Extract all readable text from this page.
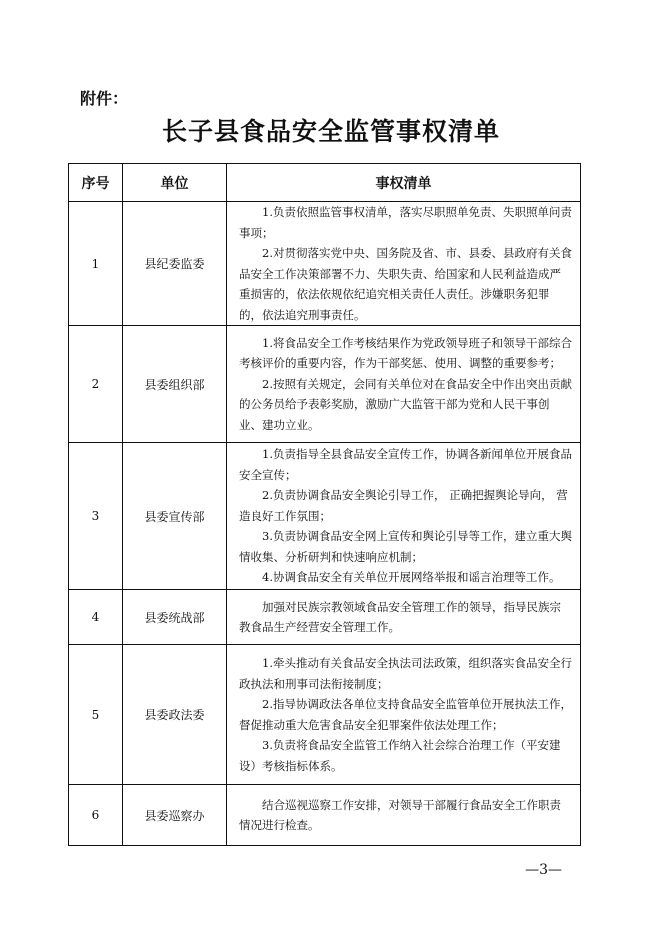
附件：
长子县食品安全监管事权清单
序号	单位	事权清单
1	县纪委监委	1.负责依照监管事权清单，落实尽职照单免责、失职照单问责事项；

2.对贯彻落实党中央、国务院及省、市、县委、县政府有关食品安全工作决策部署不力、失职失责、给国家和人民利益造成严重损害的，依法依规依纪追究相关责任人责任。涉嫌职务犯罪的，依法追究刑事责任。

2	县委组织部	1.将食品安全工作考核结果作为党政领导班子和领导干部综合考核评价的重要内容，作为干部奖惩、使用、调整的重要参考；

2.按照有关规定，会同有关单位对在食品安全中作出突出贡献的公务员给予表彰奖励，激励广大监管干部为党和人民干事创业、建功立业。

3	县委宣传部	1.负责指导全县食品安全宣传工作，协调各新闻单位开展食品安全宣传；

2.负责协调食品安全舆论引导工作， 正确把握舆论导向， 营造良好工作氛围；

3.负责协调食品安全网上宣传和舆论引导等工作，建立重大舆情收集、分析研判和快速响应机制；

4.协调食品安全有关单位开展网络举报和谣言治理等工作。

4	县委统战部	加强对民族宗教领域食品安全管理工作的领导，指导民族宗教食品生产经营安全管理工作。

5	县委政法委	1.牵头推动有关食品安全执法司法政策，组织落实食品安全行政执法和刑事司法衔接制度；

2.指导协调政法各单位支持食品安全监管单位开展执法工作，督促推动重大危害食品安全犯罪案件依法处理工作；

3.负责将食品安全监管工作纳入社会综合治理工作（平安建设）考核指标体系。

6	县委巡察办	结合巡视巡察工作安排，对领导干部履行食品安全工作职责情况进行检查。

—3—
